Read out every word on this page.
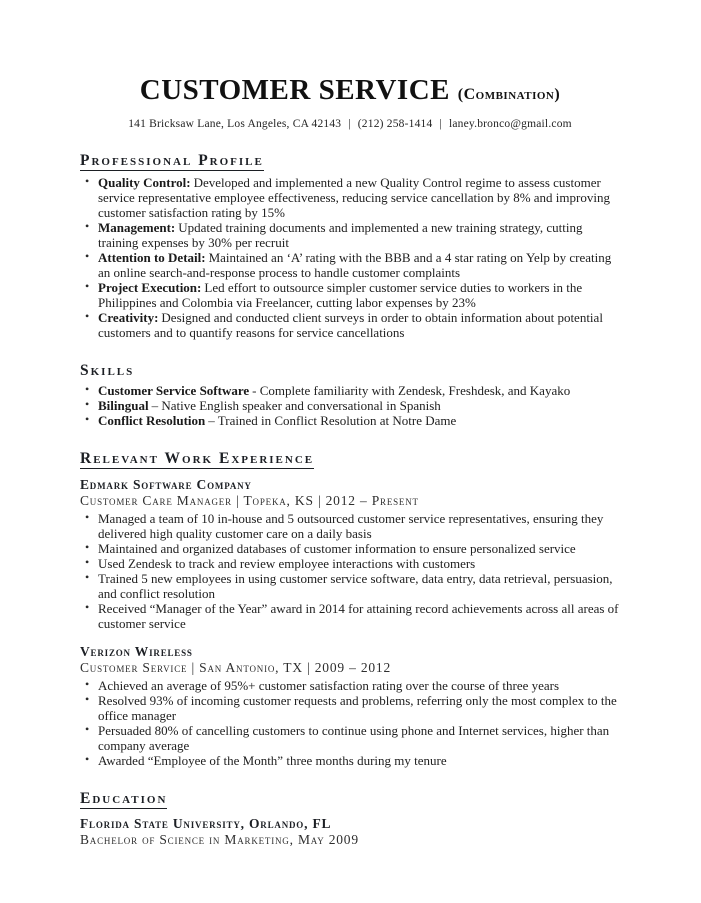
CUSTOMER SERVICE (Combination)

141 Bricksaw Lane, Los Angeles, CA 42143 | (212) 258-1414 | laney.bronco@gmail.com

Professional Profile
• Quality Control: Developed and implemented a new Quality Control regime to assess customer service representative employee effectiveness, reducing service cancellation by 8% and improving customer satisfaction rating by 15%
• Management: Updated training documents and implemented a new training strategy, cutting training expenses by 30% per recruit
• Attention to Detail: Maintained an ‘A’ rating with the BBB and a 4 star rating on Yelp by creating an online search-and-response process to handle customer complaints
• Project Execution: Led effort to outsource simpler customer service duties to workers in the Philippines and Colombia via Freelancer, cutting labor expenses by 23%
• Creativity: Designed and conducted client surveys in order to obtain information about potential customers and to quantify reasons for service cancellations
Skills
• Customer Service Software - Complete familiarity with Zendesk, Freshdesk, and Kayako
• Bilingual – Native English speaker and conversational in Spanish
• Conflict Resolution – Trained in Conflict Resolution at Notre Dame
Relevant Work Experience
Edmark Software Company

Customer Care Manager | Topeka, KS | 2012 – Present

• Managed a team of 10 in-house and 5 outsourced customer service representatives, ensuring they delivered high quality customer care on a daily basis
• Maintained and organized databases of customer information to ensure personalized service
• Used Zendesk to track and review employee interactions with customers
• Trained 5 new employees in using customer service software, data entry, data retrieval, persuasion, and conflict resolution
• Received “Manager of the Year” award in 2014 for attaining record achievements across all areas of customer service
Verizon Wireless

Customer Service | San Antonio, TX | 2009 – 2012

• Achieved an average of 95%+ customer satisfaction rating over the course of three years
• Resolved 93% of incoming customer requests and problems, referring only the most complex to the office manager
• Persuaded 80% of cancelling customers to continue using phone and Internet services, higher than company average
• Awarded “Employee of the Month” three months during my tenure
Education

Florida State University, Orlando, FL

Bachelor of Science in Marketing, May 2009
